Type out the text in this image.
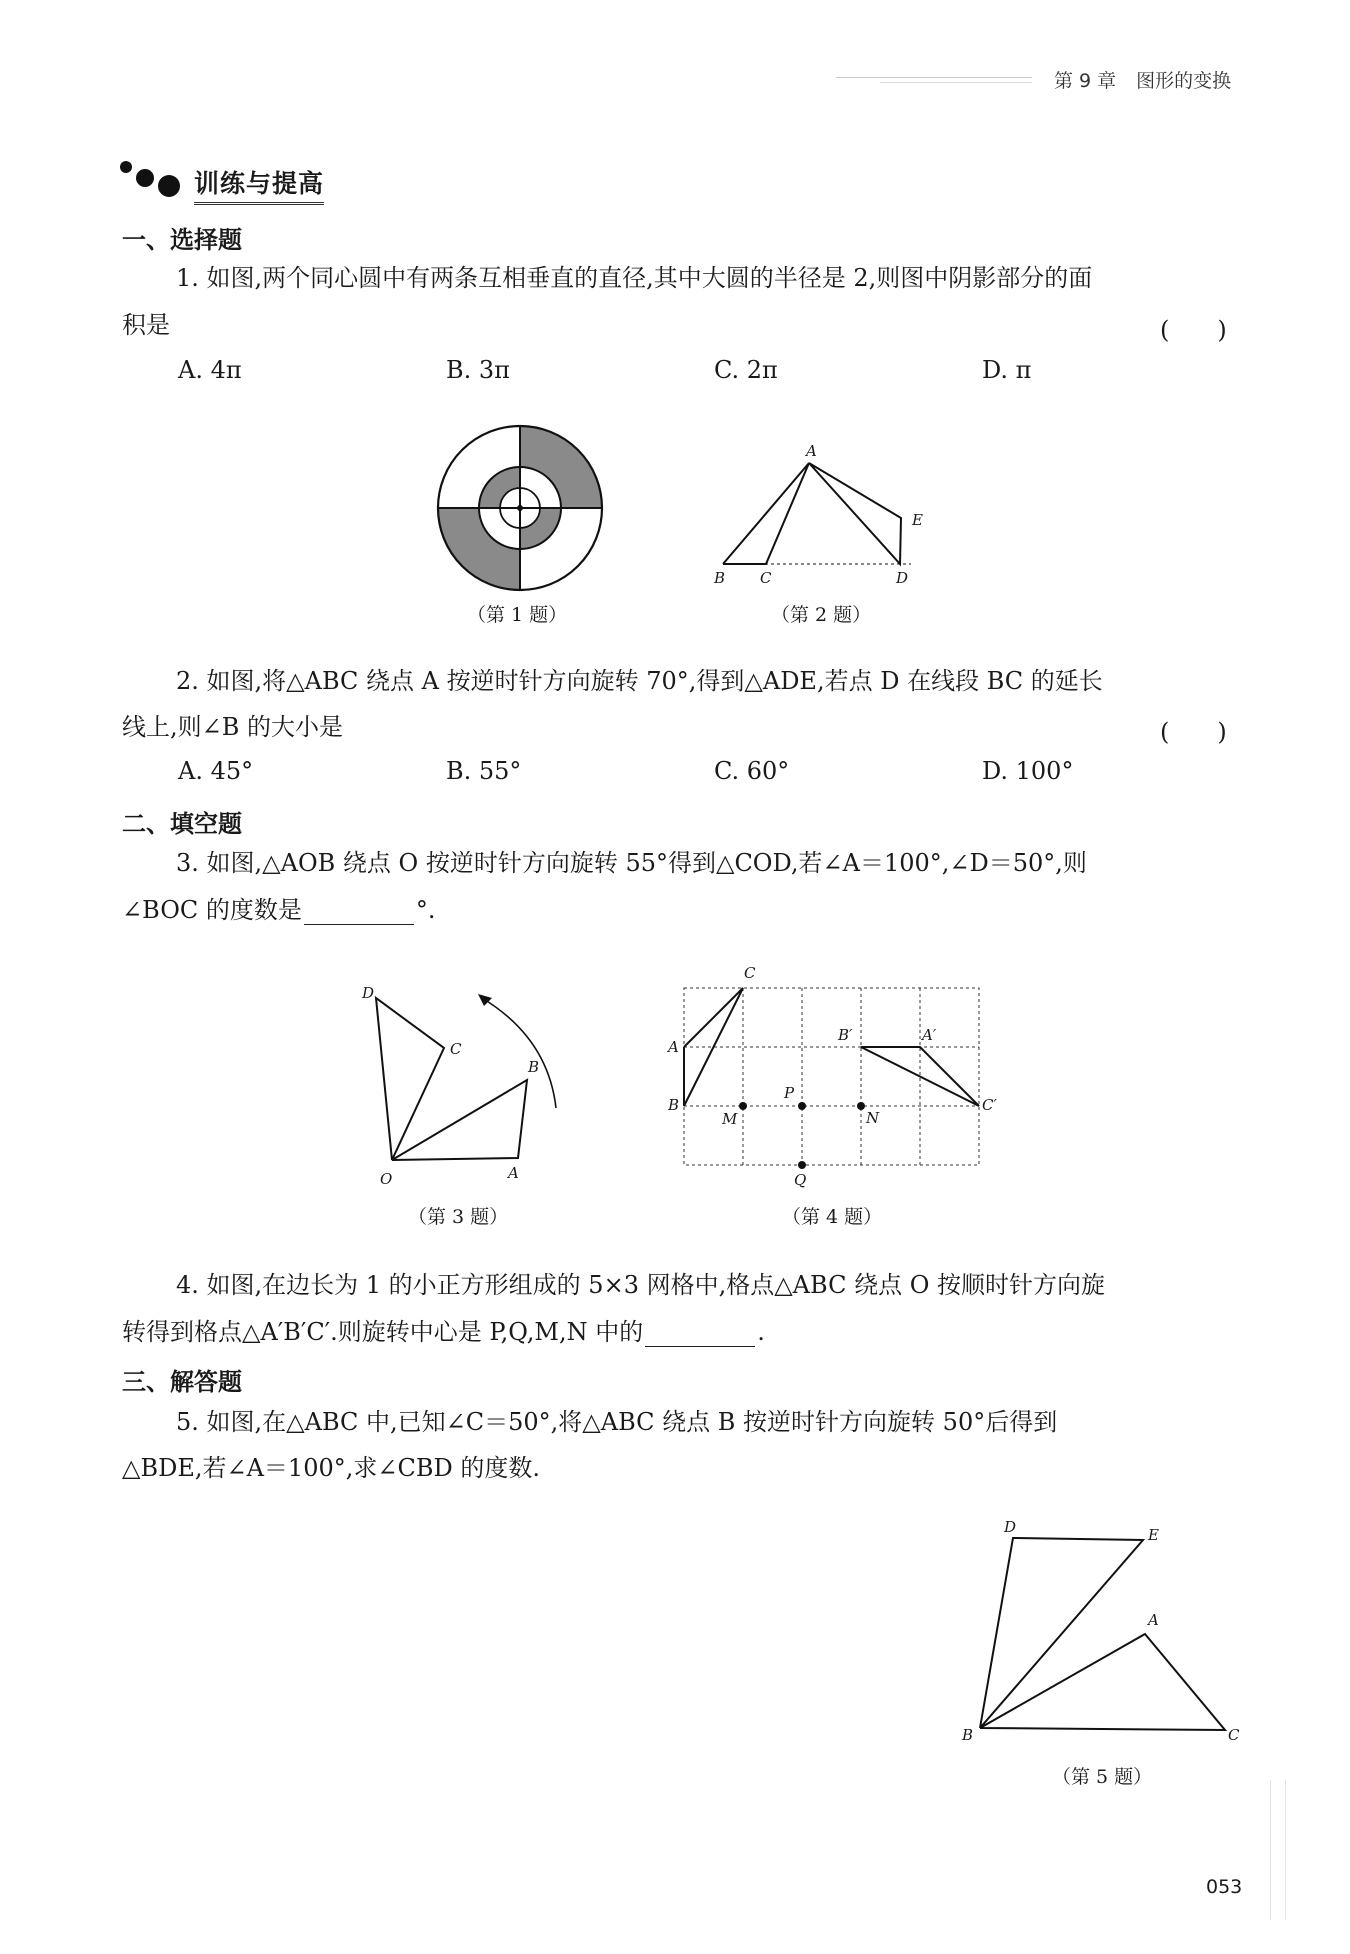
第 9 章 图形的变换
训练与提高
一、选择题
1. 如图,两个同心圆中有两条互相垂直的直径,其中大圆的半径是 2,则图中阴影部分的面
积是	(　　)
A. 4π	B. 3π	C. 2π	D. π
（第 1 题）
A
B C	D
E
（第 2 题）
2. 如图,将△ABC 绕点 A 按逆时针方向旋转 70°,得到△ADE,若点 D 在线段 BC 的延长
线上,则∠B 的大小是	(　　)
A. 45°	B. 55°	C. 60°	D. 100°
二、填空题
3. 如图,△AOB 绕点 O 按逆时针方向旋转 55°得到△COD,若∠A＝100°,∠D＝50°,则
∠BOC 的度数是	°.
D
C
B
O	A
（第 3 题）
C
A
B
B′	A′
C′
M
P
N
Q
（第 4 题）
4. 如图,在边长为 1 的小正方形组成的 5×3 网格中,格点△ABC 绕点 O 按顺时针方向旋
转得到格点△A′B′C′.则旋转中心是 P,Q,M,N 中的	.
三、解答题
5. 如图,在△ABC 中,已知∠C＝50°,将△ABC 绕点 B 按逆时针方向旋转 50°后得到
△BDE,若∠A＝100°,求∠CBD 的度数.
D	E
A
B	C
（第 5 题）
053
